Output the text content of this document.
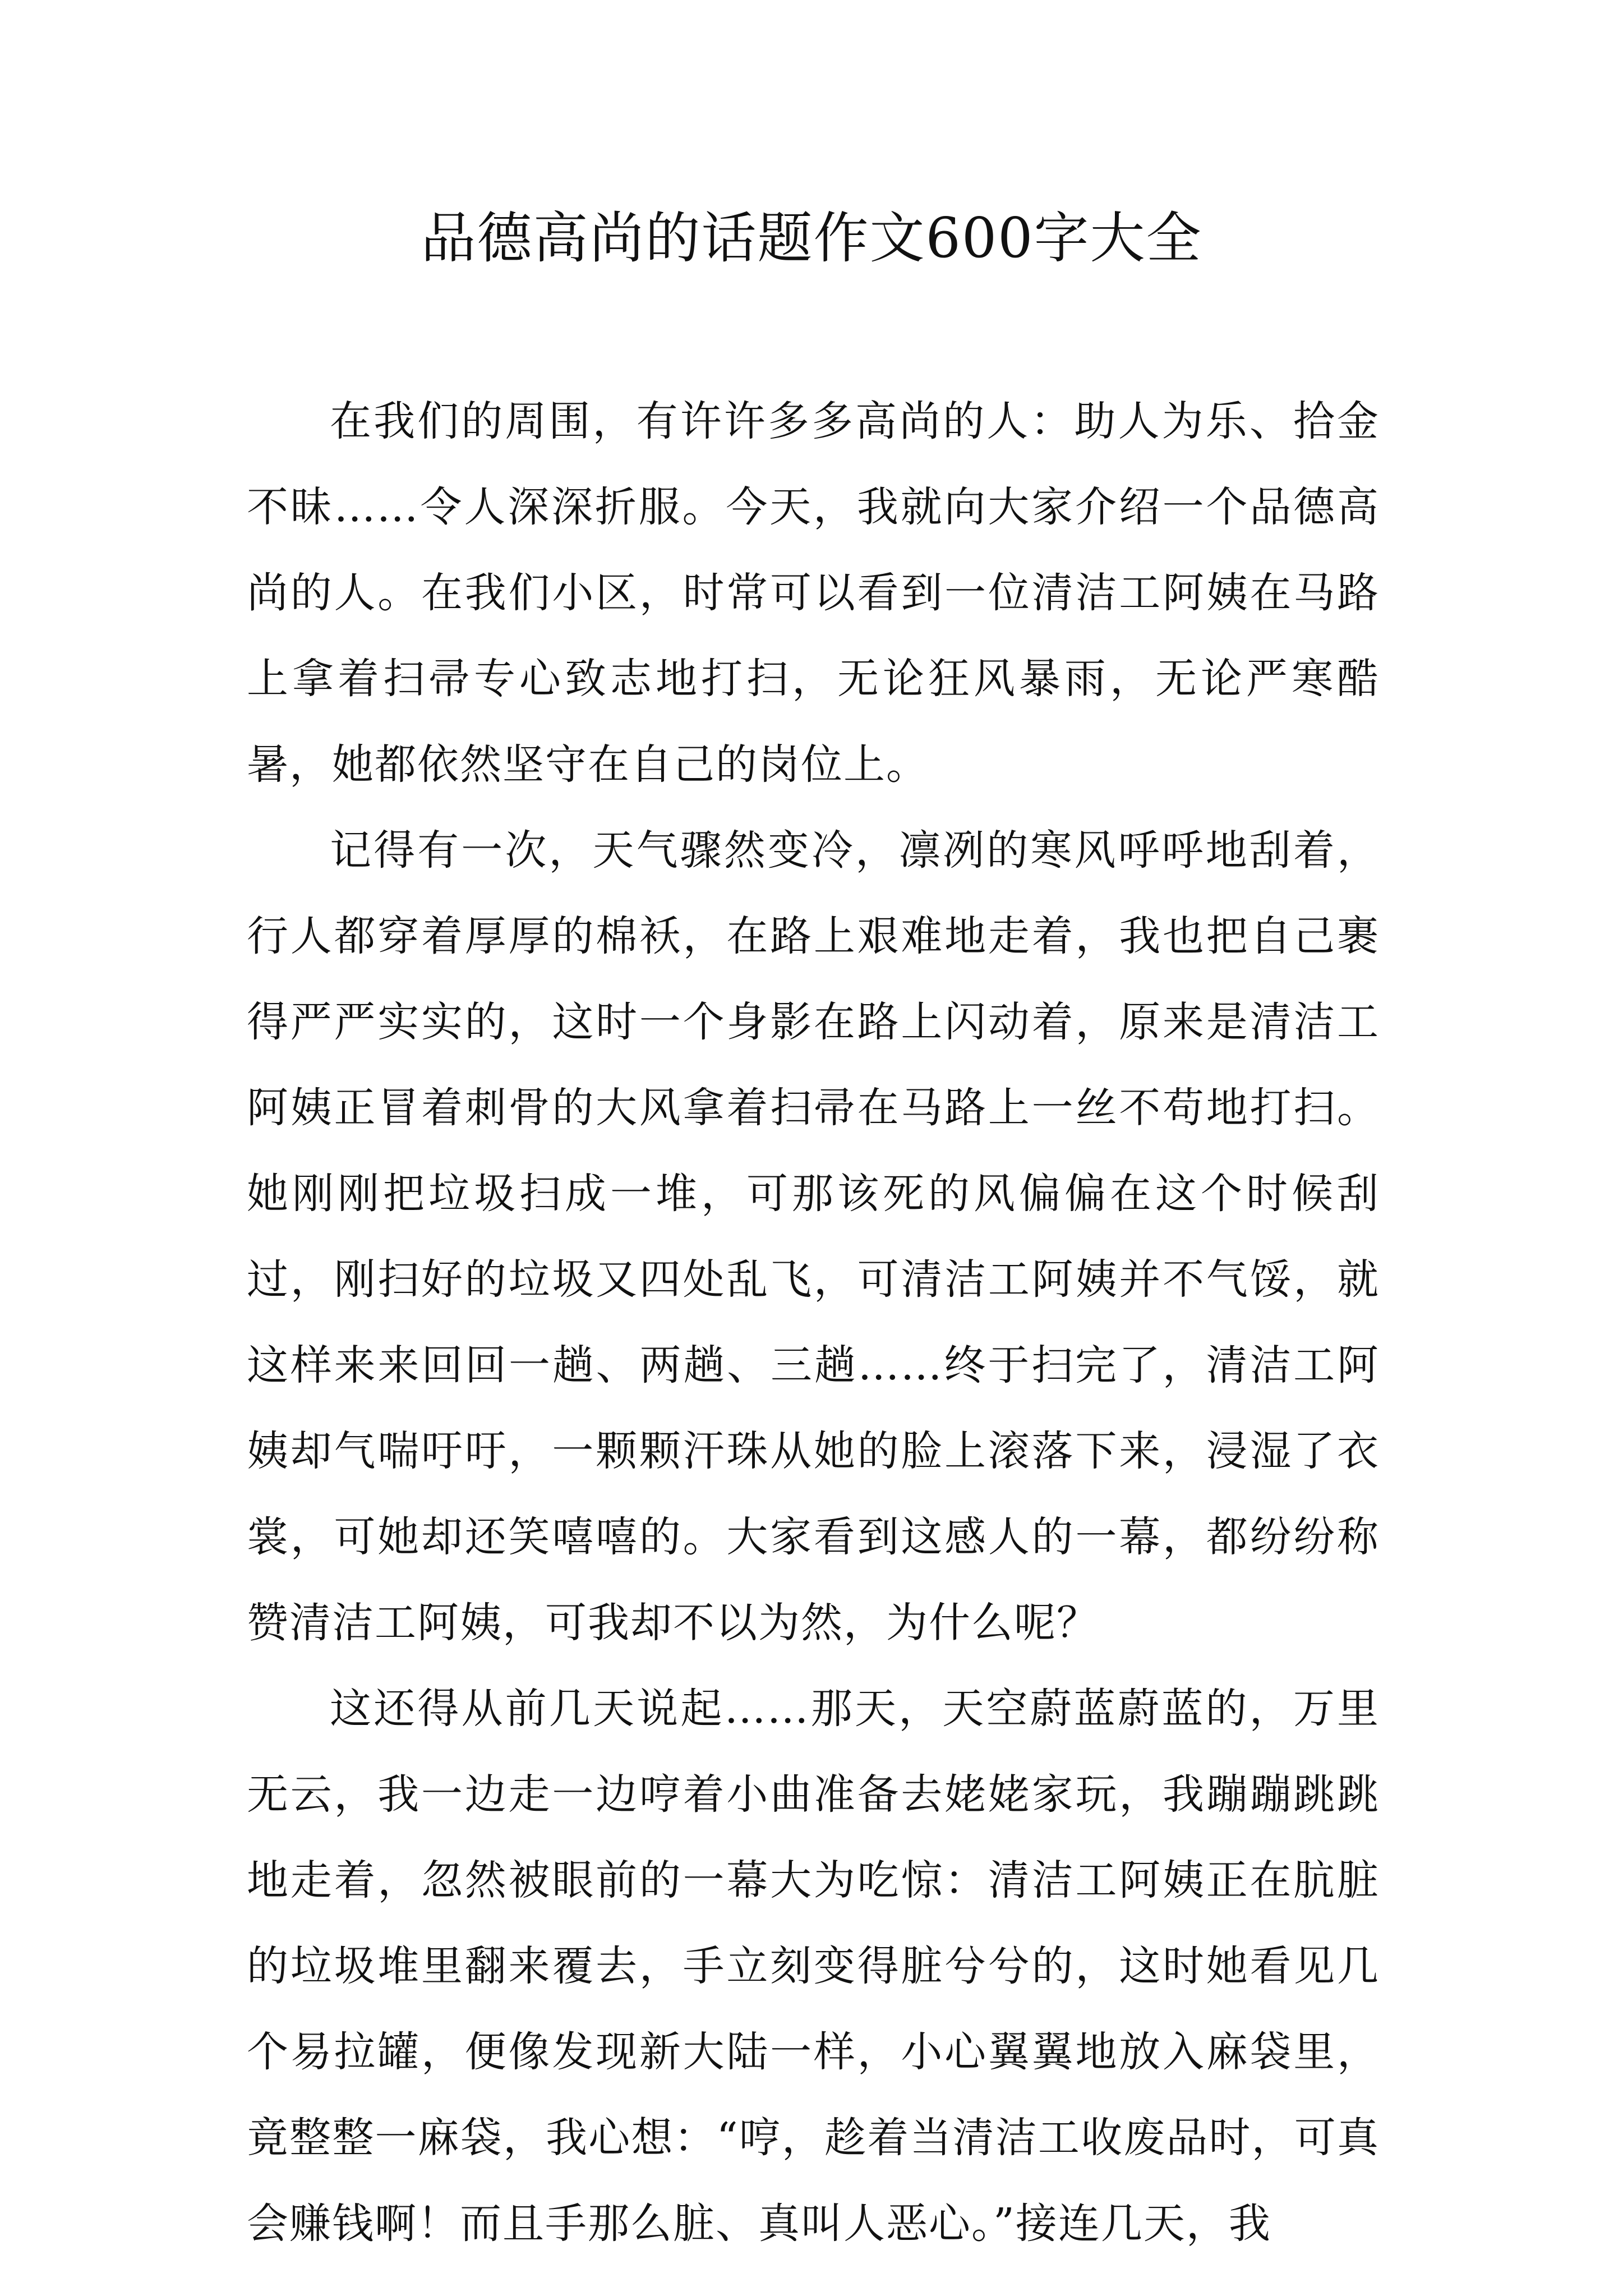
品德高尚的话题作文600字大全

在我们的周围，有许许多多高尚的人：助人为乐、拾金不昧……令人深深折服。今天，我就向大家介绍一个品德高尚的人。在我们小区，时常可以看到一位清洁工阿姨在马路上拿着扫帚专心致志地打扫，无论狂风暴雨，无论严寒酷暑，她都依然坚守在自己的岗位上。

记得有一次，天气骤然变冷，凛冽的寒风呼呼地刮着，行人都穿着厚厚的棉袄，在路上艰难地走着，我也把自己裹得严严实实的，这时一个身影在路上闪动着，原来是清洁工阿姨正冒着刺骨的大风拿着扫帚在马路上一丝不苟地打扫。她刚刚把垃圾扫成一堆，可那该死的风偏偏在这个时候刮过，刚扫好的垃圾又四处乱飞，可清洁工阿姨并不气馁，就这样来来回回一趟、两趟、三趟……终于扫完了，清洁工阿姨却气喘吁吁，一颗颗汗珠从她的脸上滚落下来，浸湿了衣裳，可她却还笑嘻嘻的。大家看到这感人的一幕，都纷纷称赞清洁工阿姨，可我却不以为然，为什么呢？

这还得从前几天说起……那天，天空蔚蓝蔚蓝的，万里无云，我一边走一边哼着小曲准备去姥姥家玩，我蹦蹦跳跳地走着，忽然被眼前的一幕大为吃惊：清洁工阿姨正在肮脏的垃圾堆里翻来覆去，手立刻变得脏兮兮的，这时她看见几个易拉罐，便像发现新大陆一样，小心翼翼地放入麻袋里，竟整整一麻袋，我心想：“哼，趁着当清洁工收废品时，可真会赚钱啊！而且手那么脏、真叫人恶心。”接连几天，我
